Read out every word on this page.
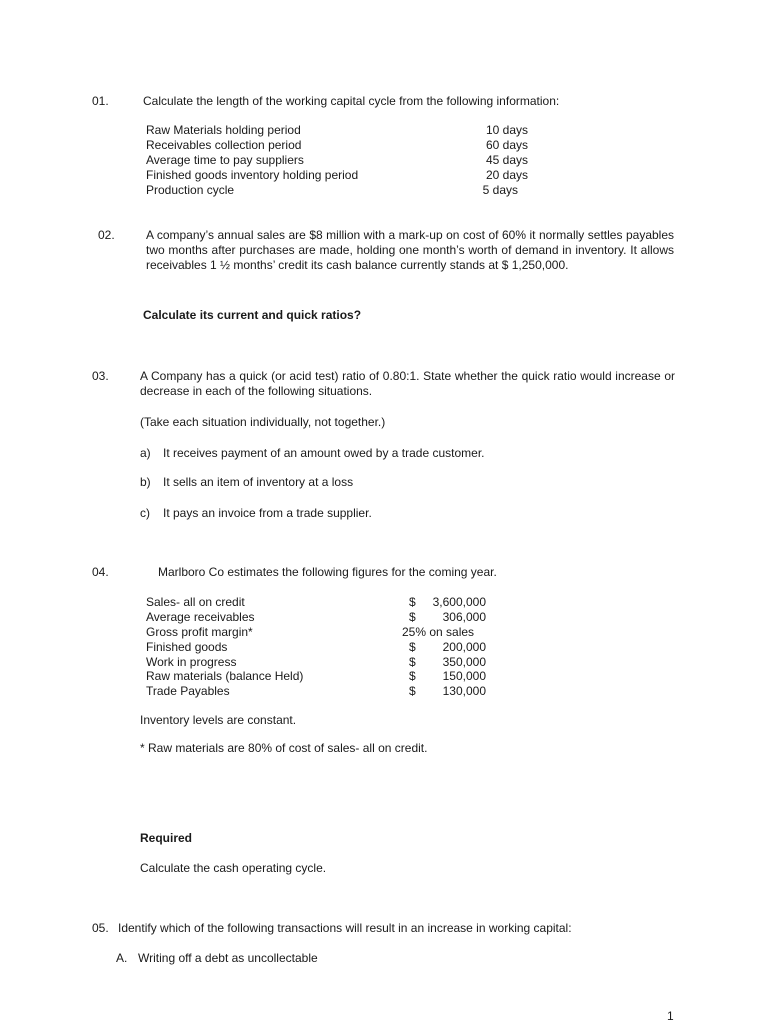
01.	Calculate the length of the working capital cycle from the following information:
Raw Materials holding period	10 days
Receivables collection period	60 days
Average time to pay suppliers	45 days
Finished goods inventory holding period	20 days
Production cycle	5 days
02.	A company’s annual sales are $8 million with a mark-up on cost of 60% it normally settles payables two months after purchases are made, holding one month’s worth of demand in inventory. It allows receivables 1 ½ months’ credit its cash balance currently stands at $ 1,250,000.
Calculate its current and quick ratios?
03.	A Company has a quick (or acid test) ratio of 0.80:1. State whether the quick ratio would increase or decrease in each of the following situations.
(Take each situation individually, not together.)
a) It receives payment of an amount owed by a trade customer.
b) It sells an item of inventory at a loss
c) It pays an invoice from a trade supplier.
04.	Marlboro Co estimates the following figures for the coming year.
Sales- all on credit	$ 3,600,000
Average receivables	$ 306,000
Gross profit margin*	25% on sales
Finished goods	$ 200,000
Work in progress	$ 350,000
Raw materials (balance Held)	$ 150,000
Trade Payables	$ 130,000
Inventory levels are constant.
* Raw materials are 80% of cost of sales- all on credit.
Required
Calculate the cash operating cycle.
05. Identify which of the following transactions will result in an increase in working capital:
A. Writing off a debt as uncollectable
1
